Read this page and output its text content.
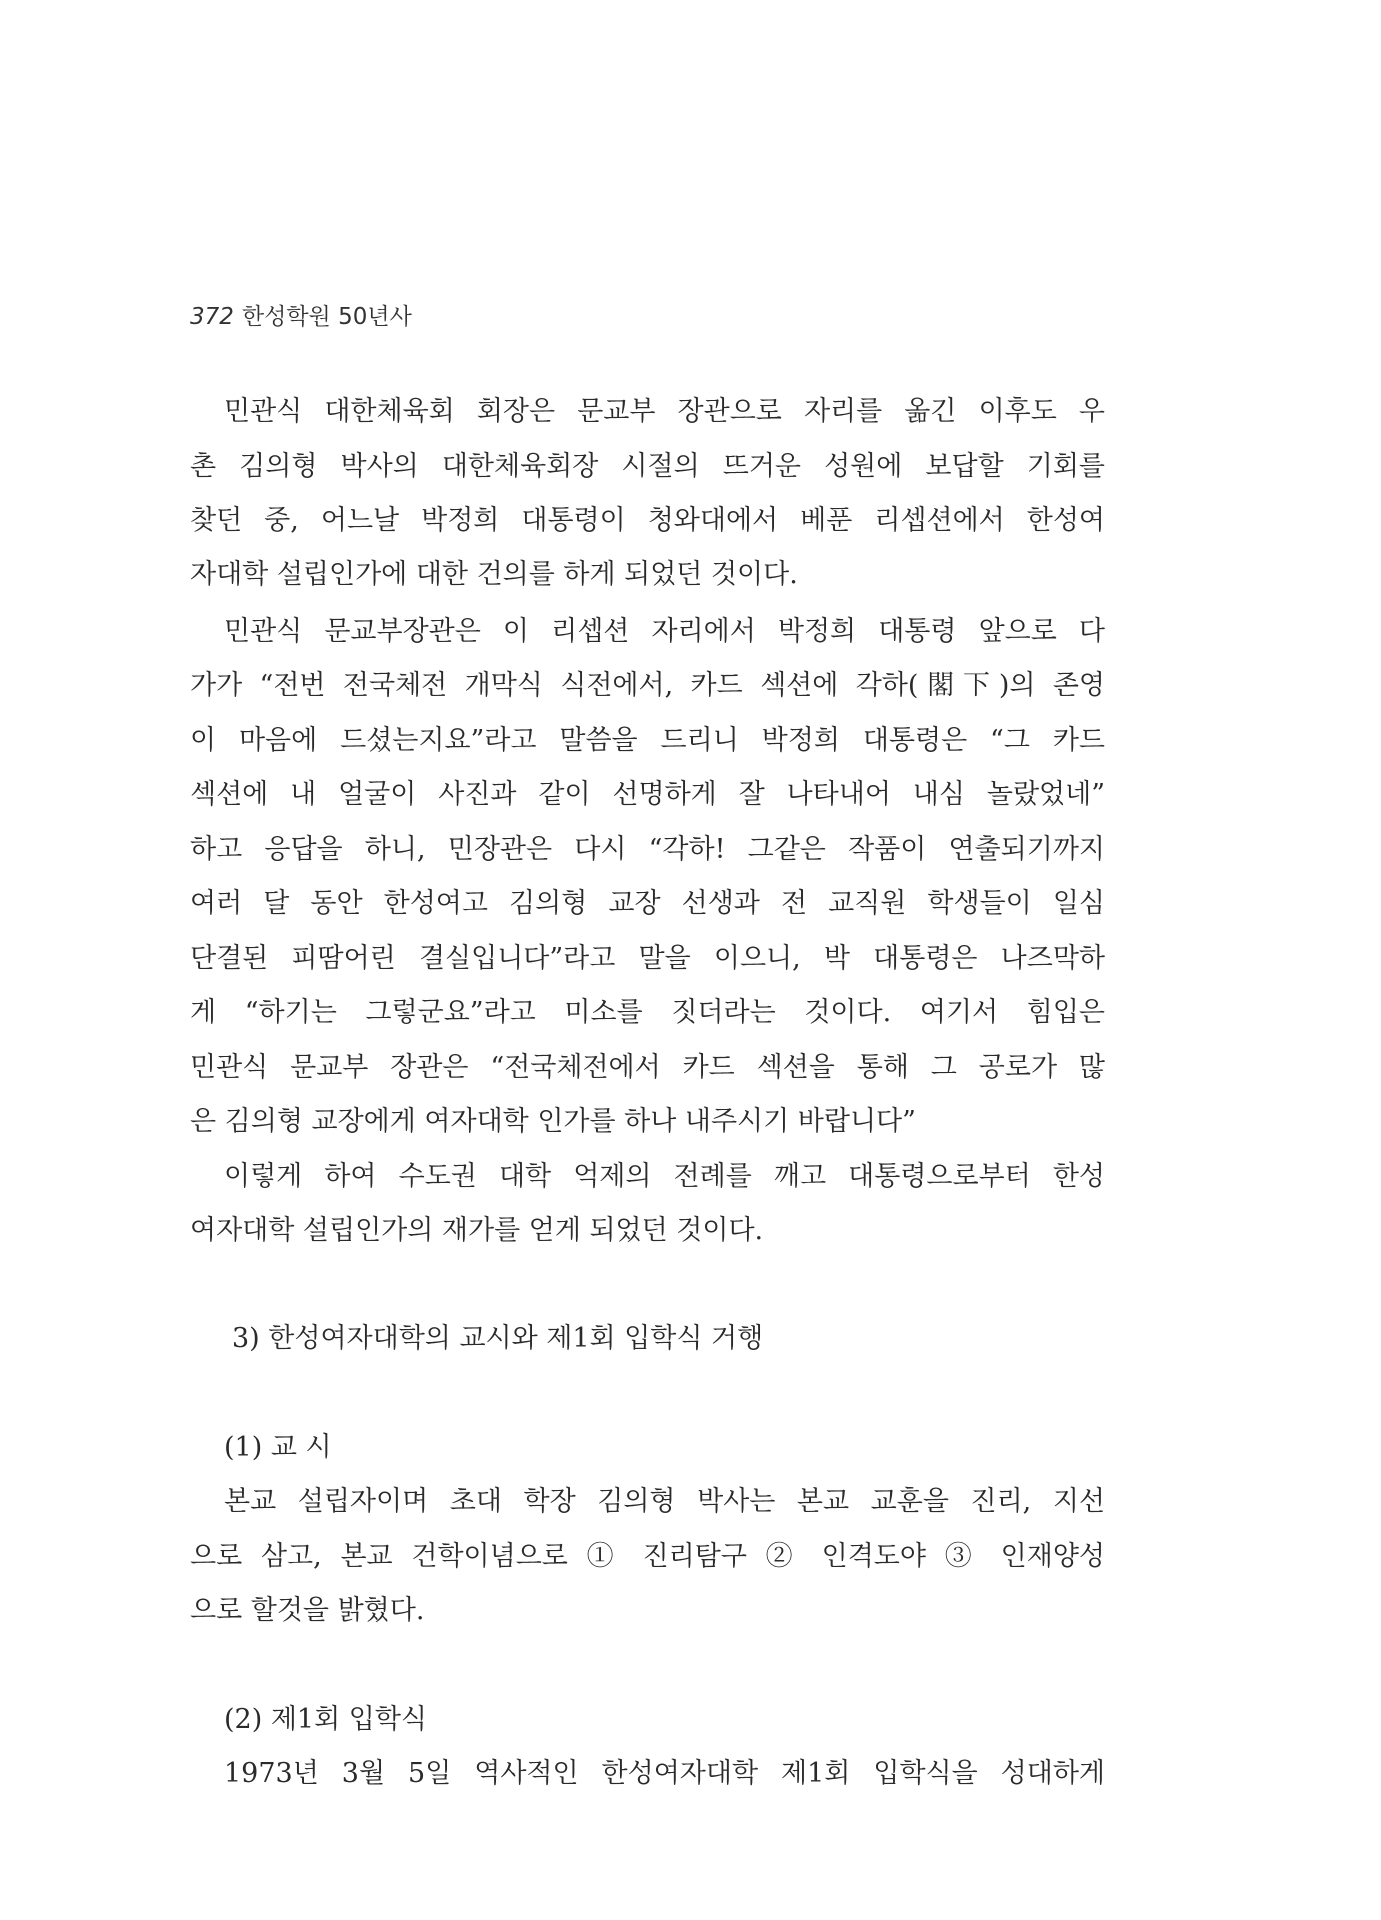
372 한성학원 50년사
민관식 대한체육회 회장은 문교부 장관으로 자리를 옮긴 이후도 우
촌 김의형 박사의 대한체육회장 시절의 뜨거운 성원에 보답할 기회를
찾던 중, 어느날 박정희 대통령이 청와대에서 베푼 리셉션에서 한성여
자대학 설립인가에 대한 건의를 하게 되었던 것이다.
민관식 문교부장관은 이 리셉션 자리에서 박정희 대통령 앞으로 다
가가 “전번 전국체전 개막식 식전에서, 카드 섹션에 각하(閣下)의 존영
이 마음에 드셨는지요”라고 말씀을 드리니 박정희 대통령은 “그 카드
섹션에 내 얼굴이 사진과 같이 선명하게 잘 나타내어 내심 놀랐었네”
하고 응답을 하니, 민장관은 다시 “각하! 그같은 작품이 연출되기까지
여러 달 동안 한성여고 김의형 교장 선생과 전 교직원 학생들이 일심
단결된 피땀어린 결실입니다”라고 말을 이으니, 박 대통령은 나즈막하
게 “하기는 그렇군요”라고 미소를 짓더라는 것이다. 여기서 힘입은
민관식 문교부 장관은 “전국체전에서 카드 섹션을 통해 그 공로가 많
은 김의형 교장에게 여자대학 인가를 하나 내주시기 바랍니다”
이렇게 하여 수도권 대학 억제의 전례를 깨고 대통령으로부터 한성
여자대학 설립인가의 재가를 얻게 되었던 것이다.
3) 한성여자대학의 교시와 제1회 입학식 거행
(1) 교 시
본교 설립자이며 초대 학장 김의형 박사는 본교 교훈을 진리, 지선
으로 삼고, 본교 건학이념으로 ① 진리탐구 ② 인격도야 ③ 인재양성
으로 할것을 밝혔다.
(2) 제1회 입학식
1973년 3월 5일 역사적인 한성여자대학 제1회 입학식을 성대하게
